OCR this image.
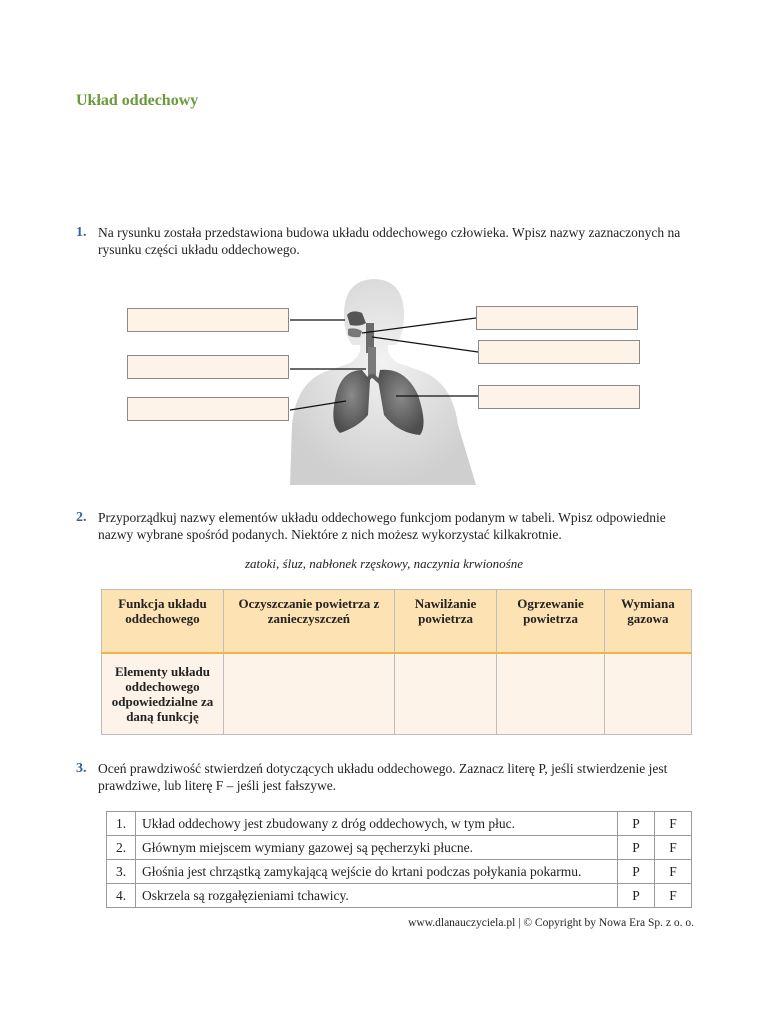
Układ oddechowy
1. Na rysunku została przedstawiona budowa układu oddechowego człowieka. Wpisz nazwy zaznaczonych na rysunku części układu oddechowego.
2. Przyporządkuj nazwy elementów układu oddechowego funkcjom podanym w tabeli. Wpisz odpowiednie nazwy wybrane spośród podanych. Niektóre z nich możesz wykorzystać kilkakrotnie.
zatoki, śluz, nabłonek rzęskowy, naczynia krwionośne
Funkcja układu oddechowego	Oczyszczanie powietrza z zanieczyszczeń	Nawilżanie powietrza	Ogrzewanie powietrza	Wymiana gazowa
Elementy układu oddechowego odpowiedzialne za daną funkcję				
3. Oceń prawdziwość stwierdzeń dotyczących układu oddechowego. Zaznacz literę P, jeśli stwierdzenie jest prawdziwe, lub literę F – jeśli jest fałszywe.
1.	Układ oddechowy jest zbudowany z dróg oddechowych, w tym płuc.	P	F
2.	Głównym miejscem wymiany gazowej są pęcherzyki płucne.	P	F
3.	Głośnia jest chrząstką zamykającą wejście do krtani podczas połykania pokarmu.	P	F
4.	Oskrzela są rozgałęzieniami tchawicy.	P	F
www.dlanauczyciela.pl | © Copyright by Nowa Era Sp. z o. o.
